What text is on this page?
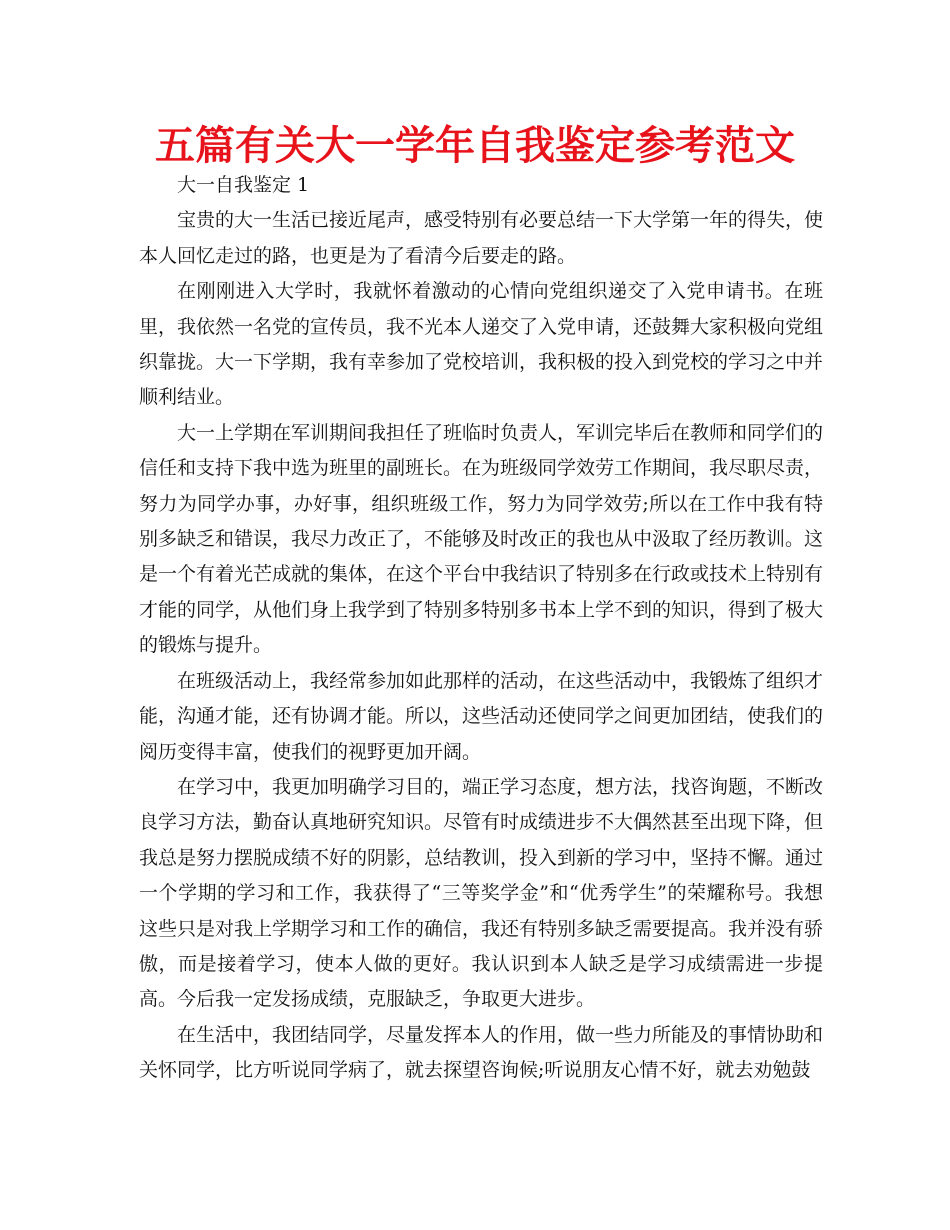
五篇有关大一学年自我鉴定参考范文

大一自我鉴定 1

宝贵的大一生活已接近尾声，感受特别有必要总结一下大学第一年的得失，使本人回忆走过的路，也更是为了看清今后要走的路。

在刚刚进入大学时，我就怀着激动的心情向党组织递交了入党申请书。在班里，我依然一名党的宣传员，我不光本人递交了入党申请，还鼓舞大家积极向党组织靠拢。大一下学期，我有幸参加了党校培训，我积极的投入到党校的学习之中并顺利结业。

大一上学期在军训期间我担任了班临时负责人，军训完毕后在教师和同学们的信任和支持下我中选为班里的副班长。在为班级同学效劳工作期间，我尽职尽责，努力为同学办事，办好事，组织班级工作，努力为同学效劳;所以在工作中我有特别多缺乏和错误，我尽力改正了，不能够及时改正的我也从中汲取了经历教训。这是一个有着光芒成就的集体，在这个平台中我结识了特别多在行政或技术上特别有才能的同学，从他们身上我学到了特别多特别多书本上学不到的知识，得到了极大的锻炼与提升。

在班级活动上，我经常参加如此那样的活动，在这些活动中，我锻炼了组织才能，沟通才能，还有协调才能。所以，这些活动还使同学之间更加团结，使我们的阅历变得丰富，使我们的视野更加开阔。

在学习中，我更加明确学习目的，端正学习态度，想方法，找咨询题，不断改良学习方法，勤奋认真地研究知识。尽管有时成绩进步不大偶然甚至出现下降，但我总是努力摆脱成绩不好的阴影，总结教训，投入到新的学习中，坚持不懈。通过一个学期的学习和工作，我获得了“三等奖学金”和“优秀学生”的荣耀称号。我想这些只是对我上学期学习和工作的确信，我还有特别多缺乏需要提高。我并没有骄傲，而是接着学习，使本人做的更好。我认识到本人缺乏是学习成绩需进一步提高。今后我一定发扬成绩，克服缺乏，争取更大进步。

在生活中，我团结同学，尽量发挥本人的作用，做一些力所能及的事情协助和关怀同学，比方听说同学病了，就去探望咨询候;听说朋友心情不好，就去劝勉鼓
